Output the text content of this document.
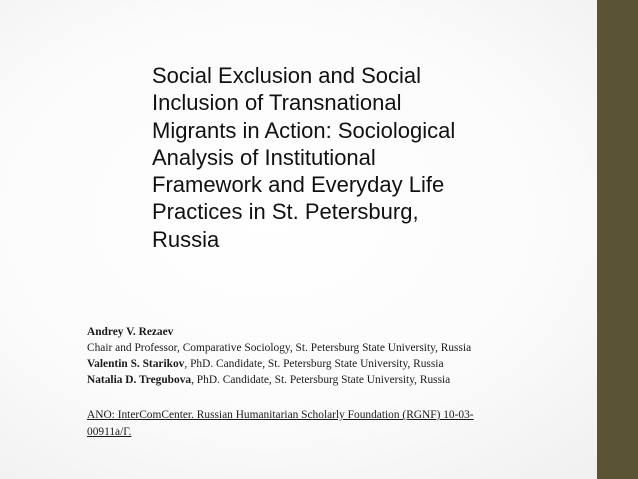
Social Exclusion and Social
Inclusion of Transnational
Migrants in Action: Sociological
Analysis of Institutional
Framework and Everyday Life
Practices in St. Petersburg,
Russia
Andrey V. Rezaev
Chair and Professor, Comparative Sociology, St. Petersburg State University, Russia
Valentin S. Starikov, PhD. Candidate, St. Petersburg State University, Russia
Natalia D. Tregubova, PhD. Candidate, St. Petersburg State University, Russia
ANO: InterComCenter. Russian Humanitarian Scholarly Foundation (RGNF) 10-03-
00911а/Г.
